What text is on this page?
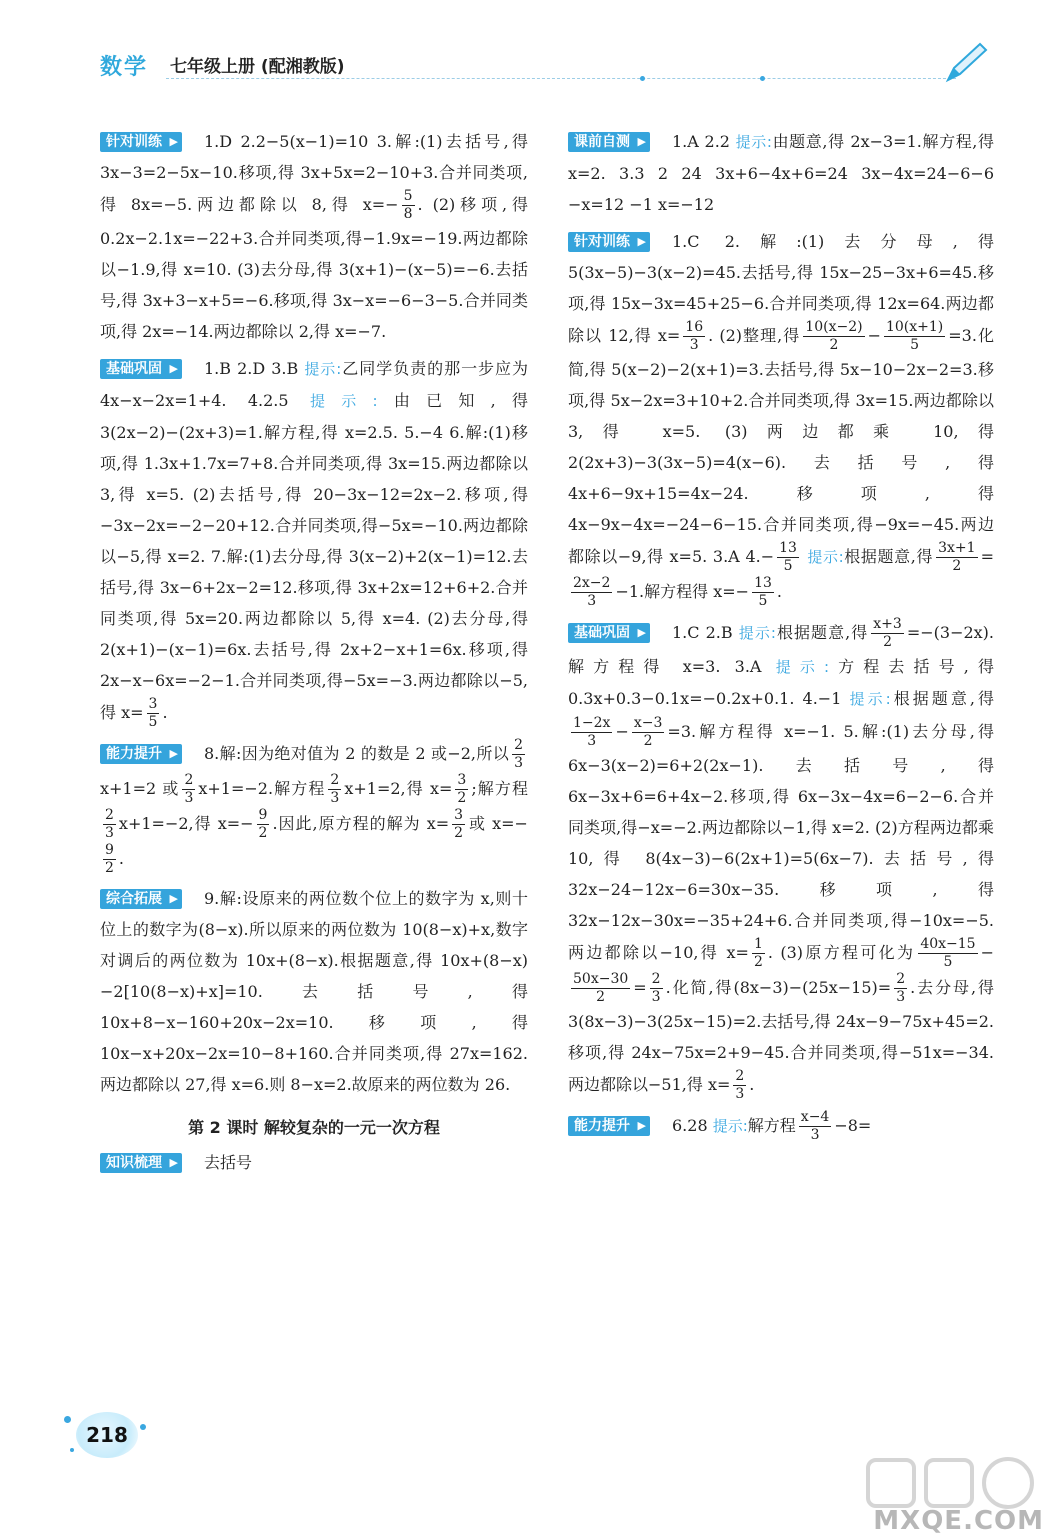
数学 七年级上册 (配湘教版)

针对训练 ▶	1.D 2.2−5(x−1)=10 3.解:(1)去括号,得 3x−3=2−5x−10.移项,得 3x+5x=2−10+3.合并同类项,得 8x=−5.两边都除以 8,得 $x=- \frac{5}{8}$ . (2)移项,得 0.2x−2.1x=−22+3.合并同类项,得−1.9x=−19.两边都除以−1.9,得 x=10. (3)去分母,得 3(x+1)−(x−5)=−6.去括号,得 3x+3−x+5=−6.移项,得 3x−x=−6−3−5.合并同类项,得 2x=−14.两边都除以 2,得 x=−7.

基础巩固 ▶	1.B 2.D 3.B 提示:乙同学负责的那一步应为 4x−x−2x=1+4. 4.2.5 提示:由已知,得 3(2x−2)−(2x+3)=1.解方程,得 x=2.5. 5.−4 6.解:(1)移项,得 1.3x+1.7x=7+8.合并同类项,得 3x=15.两边都除以 3,得 x=5. (2)去括号,得 20−3x−12=2x−2.移项,得−3x−2x=−2−20+12.合并同类项,得−5x=−10.两边都除以−5,得 x=2. 7.解:(1)去分母,得 3(x−2)+2(x−1)=12.去括号,得 3x−6+2x−2=12.移项,得 3x+2x=12+6+2.合并同类项,得 5x=20.两边都除以 5,得 x=4. (2)去分母,得 2(x+1)−(x−1)=6x.去括号,得 2x+2−x+1=6x.移项,得 2x−x−6x=−2−1.合并同类项,得−5x=−3.两边都除以−5,得 $x= \frac{3}{5}$ .

能力提升 ▶	8.解:因为绝对值为 2 的数是 2 或−2,所以 $\frac{2}{3}$
x+1=2 或 $\frac{2}{3} x+1=-2$.解方程 $\frac{2}{3} x+1=2$,得 $x= \frac{3}{2}$ ;解方程
$\frac{2}{3} x+1=-2$,得 $x=- \frac{9}{2}$ .因此,原方程的解为 $x= \frac{3}{2}$ 或 x=−
$\frac{9}{2}$ .

综合拓展 ▶	9.解:设原来的两位数个位上的数字为 x,则十位上的数字为(8−x).所以原来的两位数为 10(8−x)+x,数字对调后的两位数为 10x+(8−x).根据题意,得 10x+(8−x)−2[10(8−x)+x]=10.去括号,得 10x+8−x−160+20x−2x=10.移项,得 10x−x+20x−2x=10−8+160.合并同类项,得 27x=162.两边都除以 27,得 x=6.则 8−x=2.故原来的两位数为 26.

第 2 课时 解较复杂的一元一次方程

知识梳理 ▶	去括号

课前自测 ▶	1.A 2.2 提示:由题意,得 2x−3=1.解方程,得 x=2. 3.3 2 24 3x+6−4x+6=24 3x−4x=24−6−6 −x=12 −1 x=−12

针对训练 ▶	1.C 2.解:(1)去分母,得 5(3x−5)−3(x−2)=45.去括号,得 15x−25−3x+6=45.移项,得 15x−3x=45+25−6.合并同类项,得 12x=64.两边都除以 12,得 $x= \frac{16}{3}$ . (2)整理,得 $\frac{10(x-2)}{2} - \frac{10(x+1)}{5} =3$.化简,得 5(x−2)−2(x+1)=3.去括号,得 5x−10−2x−2=3.移项,得 5x−2x=3+10+2.合并同类项,得 3x=15.两边都除以 3,得 x=5. (3)两边都乘 10,得 2(2x+3)−3(3x−5)=4(x−6).去括号,得 4x+6−9x+15=4x−24.移项,得 4x−9x−4x=−24−6−15.合并同类项,得−9x=−45.两边都除以−9,得 x=5. 3.A $4.- \frac{13}{5}$ 提示:根据题意,得 $\frac{3x+1}{2}$ =
$\frac{2x-2}{3} -1$.解方程得 $x=- \frac{13}{5}$ .

基础巩固 ▶	1.C 2.B 提示:根据题意,得 $\frac{x+3}{2} =-(3-2x)$.解方程得 x=3. 3.A 提示:方程去括号,得 0.3x+0.3−0.1x=−0.2x+0.1. 4.−1 提示:根据题意,得
$\frac{1-2x}{3} - \frac{x-3}{2} =3$.解方程得 x=−1. 5.解:(1)去分母,得 6x−3(x−2)=6+2(2x−1).去括号,得 6x−3x+6=6+4x−2.移项,得 6x−3x−4x=6−2−6.合并同类项,得−x=−2.两边都除以−1,得 x=2. (2)方程两边都乘 10,得 8(4x−3)−6(2x+1)=5(6x−7).去括号,得 32x−24−12x−6=30x−35.移项,得 32x−12x−30x=−35+24+6.合并同类项,得−10x=−5.两边都除以−10,得 $x= \frac{1}{2}$ . (3)原方程可化为 $\frac{40x-15}{5}$ −
$\frac{50x-30}{2} = \frac{2}{3}$ .化简,得$(8x-3)-(25x-15)= \frac{2}{3}$ .去分母,得 3(8x−3)−3(25x−15)=2.去括号,得 24x−9−75x+45=2.移项,得 24x−75x=2+9−45.合并同类项,得−51x=−34.两边都除以−51,得 $x= \frac{2}{3}$ .

能力提升 ▶	6.28 提示:解方程 $\frac{x-4}{3} -8=$

218
MXQE.COM
